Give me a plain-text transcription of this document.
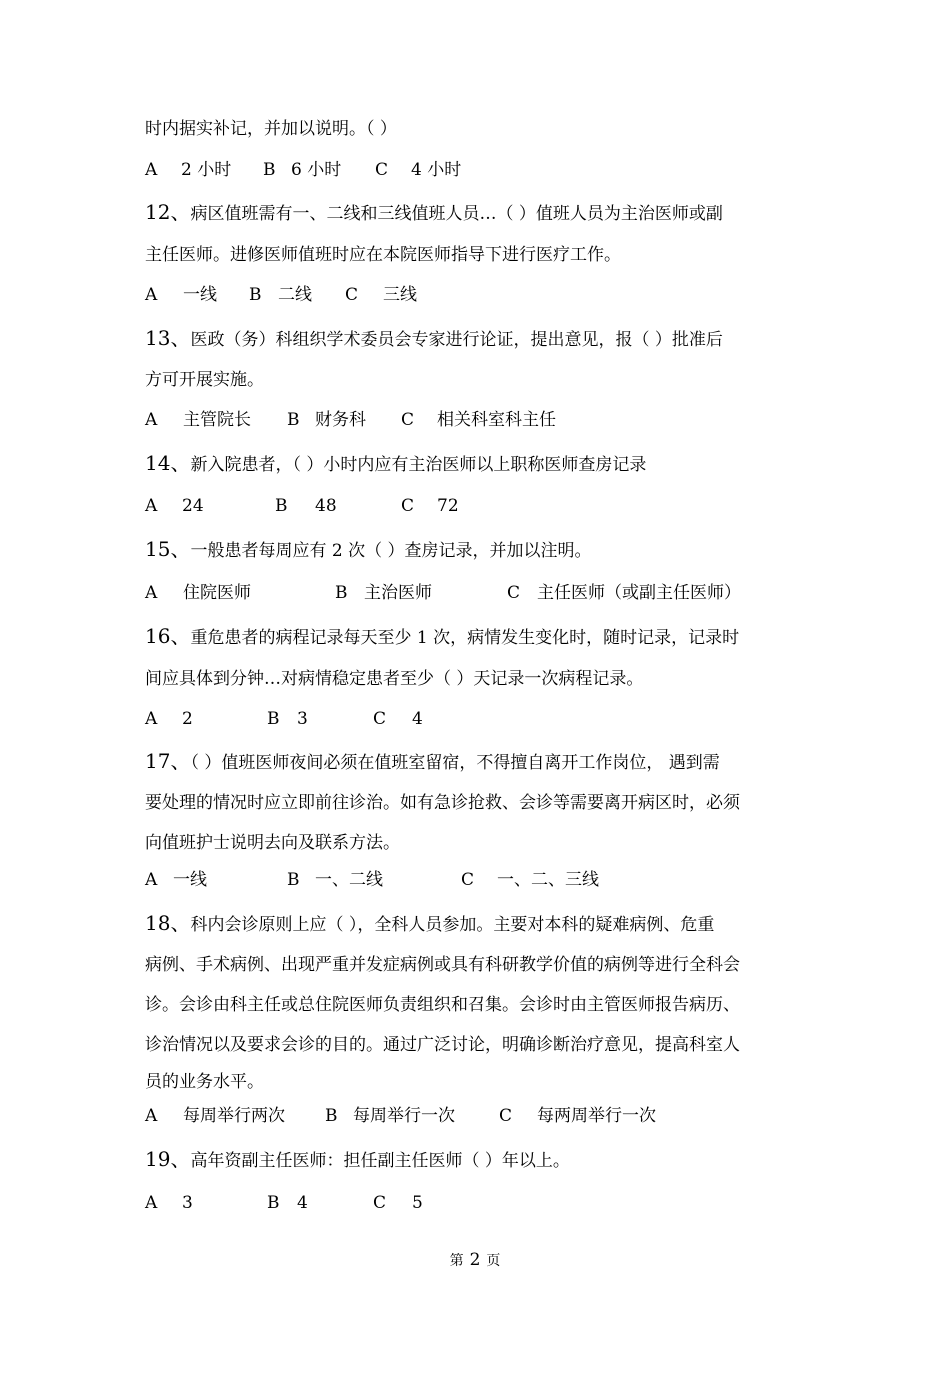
时内据实补记，并加以说明。（ ）

A

2 小时

B

6 小时

C

4 小时

12、病区值班需有一、二线和三线值班人员…（ ）值班人员为主治医师或副
主任医师。进修医师值班时应在本院医师指导下进行医疗工作。

A

一线

B

二线

C

三线

13、医政（务）科组织学术委员会专家进行论证，提出意见，报（ ）批准后
方可开展实施。

A

主管院长

B

财务科

C

相关科室科主任

14、新入院患者，（ ）小时内应有主治医师以上职称医师查房记录

A

24

	B

48

	C

72

15、一般患者每周应有 2 次（ ）查房记录，并加以注明。

A

住院医师

	B

主治医师

	C

主任医师（或副主任医师）

16、重危患者的病程记录每天至少 1 次，病情发生变化时，随时记录，记录时
间应具体到分钟…对病情稳定患者至少（ ）天记录一次病程记录。

A

2

	B

3

	C

4

17、（ ）值班医师夜间必须在值班室留宿，不得擅自离开工作岗位， 遇到需
要处理的情况时应立即前往诊治。如有急诊抢救、会诊等需要离开病区时，必须
向值班护士说明去向及联系方法。

A

一线

	B

一、二线

	C

一、二、三线

18、科内会诊原则上应（ ），全科人员参加。主要对本科的疑难病例、危重
病例、手术病例、出现严重并发症病例或具有科研教学价值的病例等进行全科会
诊。会诊由科主任或总住院医师负责组织和召集。会诊时由主管医师报告病历、
诊治情况以及要求会诊的目的。通过广泛讨论，明确诊断治疗意见，提高科室人
员的业务水平。

A

每周举行两次

B

每周举行一次

	C

每两周举行一次

19、高年资副主任医师：担任副主任医师（ ）年以上。

A

3

	B

4

	C

5

第 2 页
